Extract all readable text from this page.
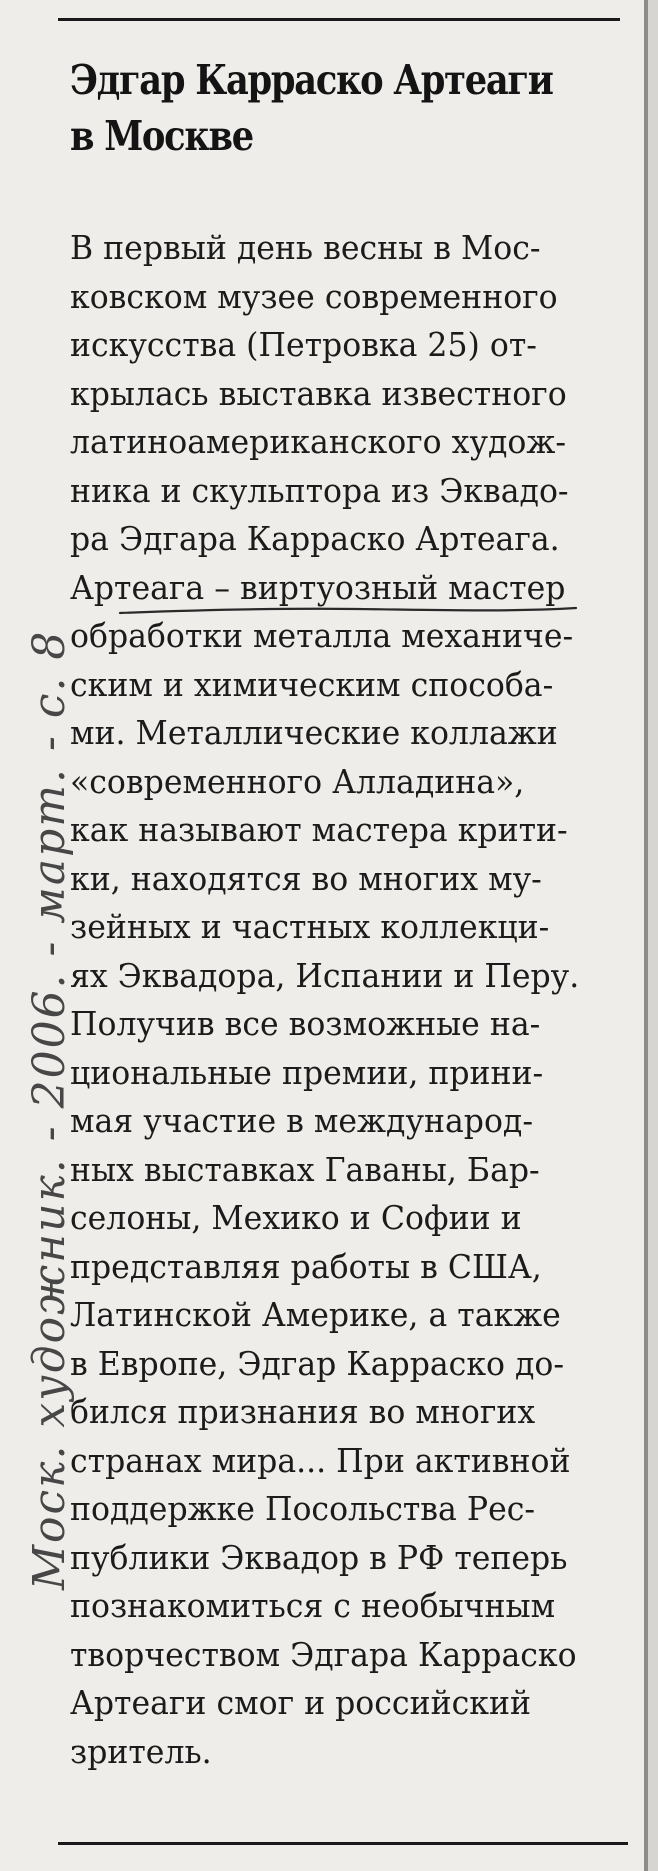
Эдгар Карраско Артеаги
в Москве
В первый день весны в Мос-
ковском музее современного
искусства (Петровка 25) от-
крылась выставка известного
латиноамериканского худож-
ника и скульптора из Эквадо-
ра Эдгара Карраско Артеага.
Артеага – виртуозный мастер
обработки металла механиче-
ским и химическим способа-
ми. Металлические коллажи
«современного Алладина»,
как называют мастера крити-
ки, находятся во многих му-
зейных и частных коллекци-
ях Эквадора, Испании и Перу.
Получив все возможные на-
циональные премии, прини-
мая участие в международ-
ных выставках Гаваны, Бар-
селоны, Мехико и Софии и
представляя работы в США,
Латинской Америке, а также
в Европе, Эдгар Карраско до-
бился признания во многих
странах мира... При активной
поддержке Посольства Рес-
публики Эквадор в РФ теперь
познакомиться с необычным
творчеством Эдгара Карраско
Артеаги смог и российский
зритель.
Моск. художник. - 2006. - март. - с. 8
